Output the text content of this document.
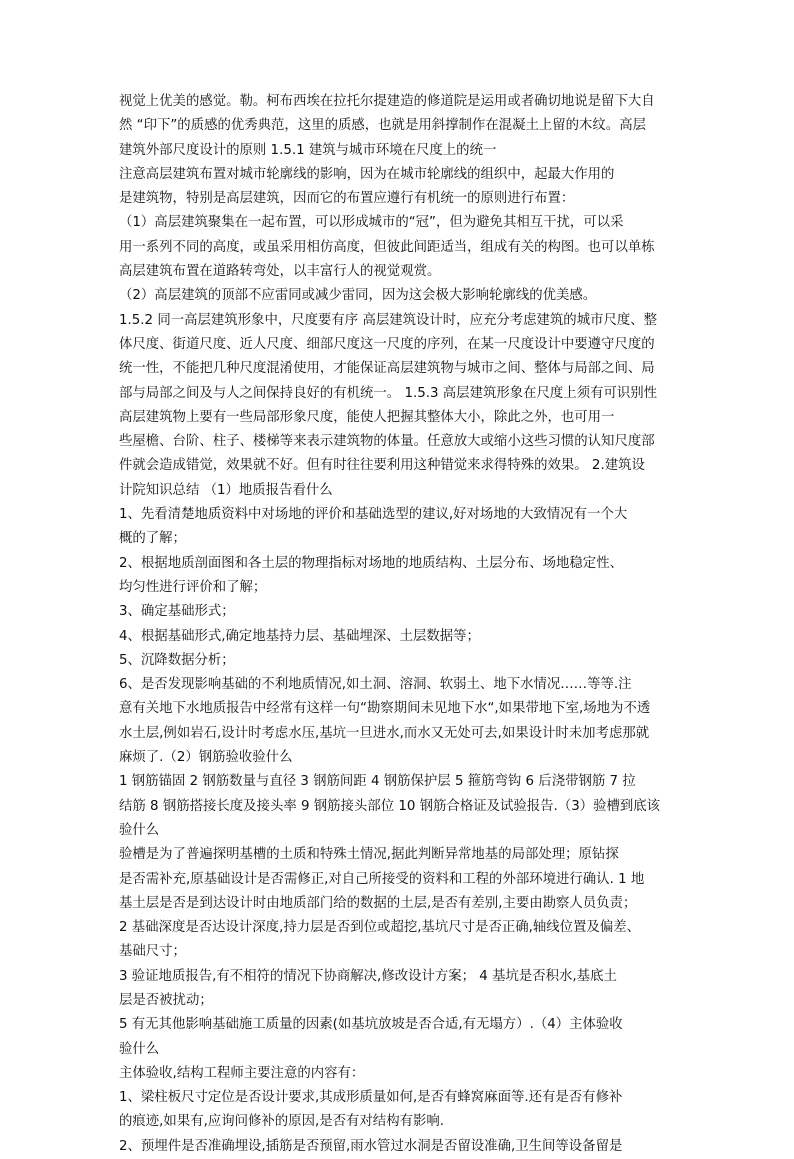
视觉上优美的感觉。勒。柯布西埃在拉托尔提建造的修道院是运用或者确切地说是留下大自
然 “印下”的质感的优秀典范，这里的质感，也就是用斜撑制作在混凝土上留的木纹。高层
建筑外部尺度设计的原则 1.5.1 建筑与城市环境在尺度上的统一
注意高层建筑布置对城市轮廓线的影响，因为在城市轮廓线的组织中，起最大作用的
是建筑物，特别是高层建筑，因而它的布置应遵行有机统一的原则进行布置：
（1）高层建筑聚集在一起布置，可以形成城市的“冠”，但为避免其相互干扰，可以采
用一系列不同的高度，或虽采用相仿高度，但彼此间距适当，组成有关的构图。也可以单栋
高层建筑布置在道路转弯处，以丰富行人的视觉观赏。
（2）高层建筑的顶部不应雷同或减少雷同，因为这会极大影响轮廓线的优美感。
1.5.2 同一高层建筑形象中，尺度要有序 高层建筑设计时，应充分考虑建筑的城市尺度、整
体尺度、街道尺度、近人尺度、细部尺度这一尺度的序列，在某一尺度设计中要遵守尺度的
统一性，不能把几种尺度混淆使用，才能保证高层建筑物与城市之间、整体与局部之间、局
部与局部之间及与人之间保持良好的有机统一。 1.5.3 高层建筑形象在尺度上须有可识别性
高层建筑物上要有一些局部形象尺度，能使人把握其整体大小，除此之外，也可用一
些屋檐、台阶、柱子、楼梯等来表示建筑物的体量。任意放大或缩小这些习惯的认知尺度部
件就会造成错觉，效果就不好。但有时往往要利用这种错觉来求得特殊的效果。 2.建筑设
计院知识总结 （1）地质报告看什么
1、先看清楚地质资料中对场地的评价和基础选型的建议,好对场地的大致情况有一个大
概的了解；
2、根据地质剖面图和各土层的物理指标对场地的地质结构、土层分布、场地稳定性、
均匀性进行评价和了解；
3、确定基础形式；
4、根据基础形式,确定地基持力层、基础埋深、土层数据等；
5、沉降数据分析；
6、是否发现影响基础的不利地质情况,如土洞、溶洞、软弱土、地下水情况……等等.注
意有关地下水地质报告中经常有这样一句“勘察期间未见地下水“,如果带地下室,场地为不透
水土层,例如岩石,设计时考虑水压,基坑一旦进水,而水又无处可去,如果设计时未加考虑那就
麻烦了.（2）钢筋验收验什么
1 钢筋锚固 2 钢筋数量与直径 3 钢筋间距 4 钢筋保护层 5 箍筋弯钩 6 后浇带钢筋 7 拉
结筋 8 钢筋搭接长度及接头率 9 钢筋接头部位 10 钢筋合格证及试验报告.（3）验槽到底该
验什么
验槽是为了普遍探明基槽的土质和特殊土情况,据此判断异常地基的局部处理；原钻探
是否需补充,原基础设计是否需修正,对自己所接受的资料和工程的外部环境进行确认. 1 地
基土层是否是到达设计时由地质部门给的数据的土层,是否有差别,主要由勘察人员负责；
2 基础深度是否达设计深度,持力层是否到位或超挖,基坑尺寸是否正确,轴线位置及偏差、
基础尺寸；
3 验证地质报告,有不相符的情况下协商解决,修改设计方案； 4 基坑是否积水,基底土
层是否被扰动；
5 有无其他影响基础施工质量的因素(如基坑放坡是否合适,有无塌方）.（4）主体验收
验什么
主体验收,结构工程师主要注意的内容有：
1、梁柱板尺寸定位是否设计要求,其成形质量如何,是否有蜂窝麻面等.还有是否有修补
的痕迹,如果有,应询问修补的原因,是否有对结构有影响.
2、预埋件是否准确埋设,插筋是否预留,雨水管过水洞是否留设准确,卫生间等设备留是
